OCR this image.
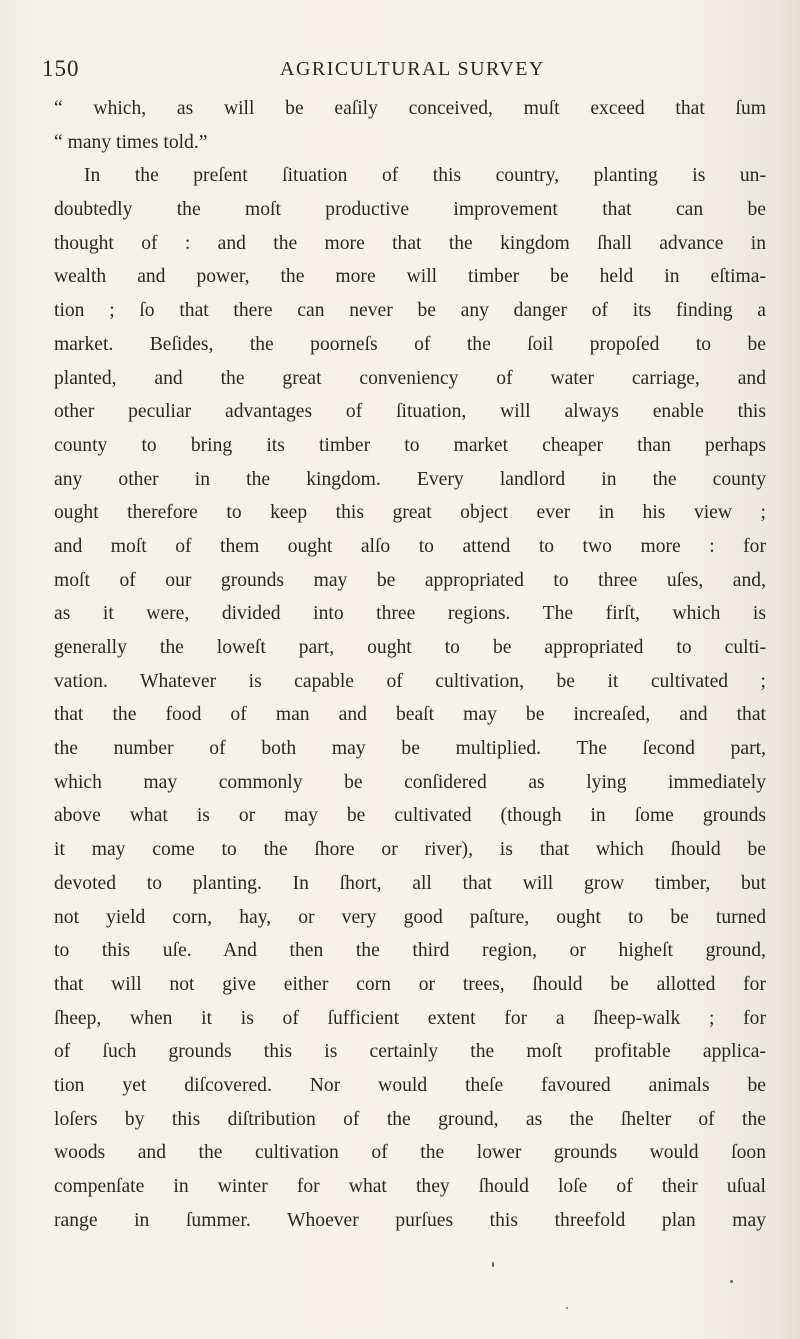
150	AGRICULTURAL SURVEY
“ which, as will be eaſily conceived, muſt exceed that ſum
“ many times told.”
In the preſent ſituation of this country, planting is un-
doubtedly the moſt productive improvement that can be
thought of : and the more that the kingdom ſhall advance in
wealth and power, the more will timber be held in eſtima-
tion ; ſo that there can never be any danger of its finding a
market. Beſides, the poorneſs of the ſoil propoſed to be
planted, and the great conveniency of water carriage, and
other peculiar advantages of ſituation, will always enable this
county to bring its timber to market cheaper than perhaps
any other in the kingdom. Every landlord in the county
ought therefore to keep this great object ever in his view ;
and moſt of them ought alſo to attend to two more : for
moſt of our grounds may be appropriated to three uſes, and,
as it were, divided into three regions. The firſt, which is
generally the loweſt part, ought to be appropriated to culti-
vation. Whatever is capable of cultivation, be it cultivated ;
that the food of man and beaſt may be increaſed, and that
the number of both may be multiplied. The ſecond part,
which may commonly be conſidered as lying immediately
above what is or may be cultivated (though in ſome grounds
it may come to the ſhore or river), is that which ſhould be
devoted to planting. In ſhort, all that will grow timber, but
not yield corn, hay, or very good paſture, ought to be turned
to this uſe. And then the third region, or higheſt ground,
that will not give either corn or trees, ſhould be allotted for
ſheep, when it is of ſufficient extent for a ſheep-walk ; for
of ſuch grounds this is certainly the moſt profitable applica-
tion yet diſcovered. Nor would theſe favoured animals be
loſers by this diſtribution of the ground, as the ſhelter of the
woods and the cultivation of the lower grounds would ſoon
compenſate in winter for what they ſhould loſe of their uſual
range in ſummer. Whoever purſues this threefold plan may
